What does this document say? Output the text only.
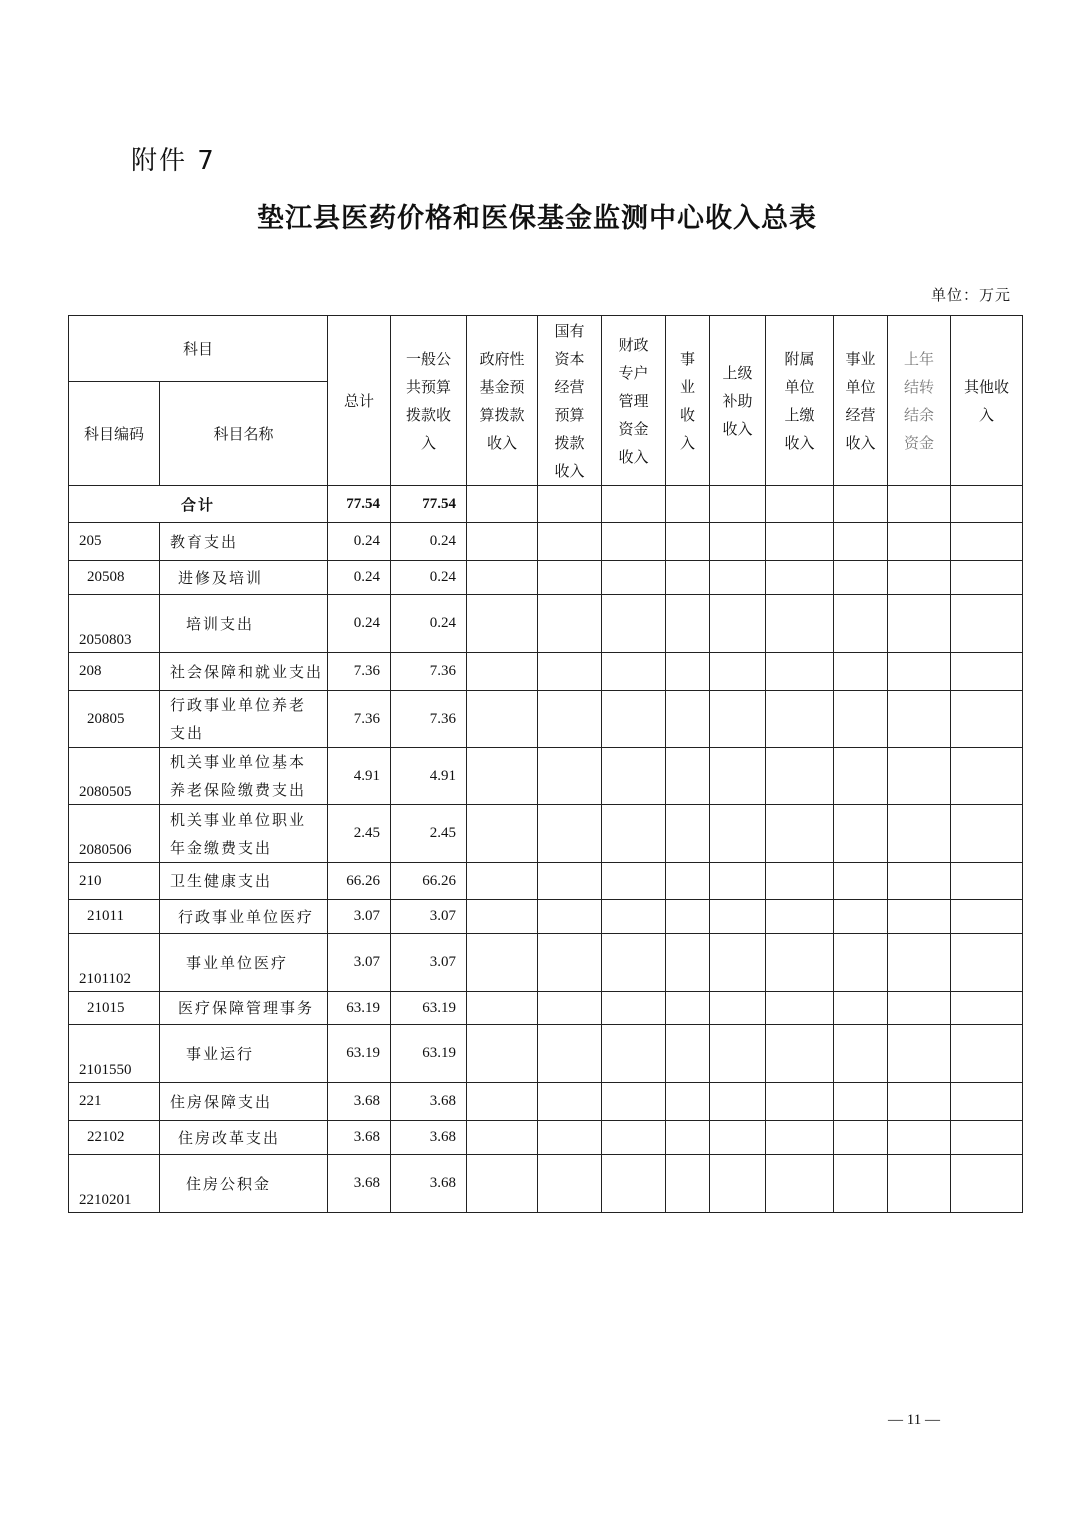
附件 7
垫江县医药价格和医保基金监测中心收入总表
单位：万元
科目		总计	一般公共预算拨款收入	政府性基金预算拨款收入	国有资本经营预算拨款收入	财政专户管理资金收入	事业收入	上级补助收入	附属单位上缴收入	事业单位经营收入	上年结转结余资金	其他收入
科目编码	科目名称											
合计		77.54	77.54									
205	教育支出	0.24	0.24									
20508	进修及培训	0.24	0.24									
2050803	培训支出	0.24	0.24									
208	社会保障和就业支出	7.36	7.36									
20805	行政事业单位养老支出	7.36	7.36									
2080505	机关事业单位基本养老保险缴费支出	4.91	4.91									
2080506	机关事业单位职业年金缴费支出	2.45	2.45									
210	卫生健康支出	66.26	66.26									
21011	行政事业单位医疗	3.07	3.07									
2101102	事业单位医疗	3.07	3.07									
21015	医疗保障管理事务	63.19	63.19									
2101550	事业运行	63.19	63.19									
221	住房保障支出	3.68	3.68									
22102	住房改革支出	3.68	3.68									
2210201	住房公积金	3.68	3.68									
— 11 —
